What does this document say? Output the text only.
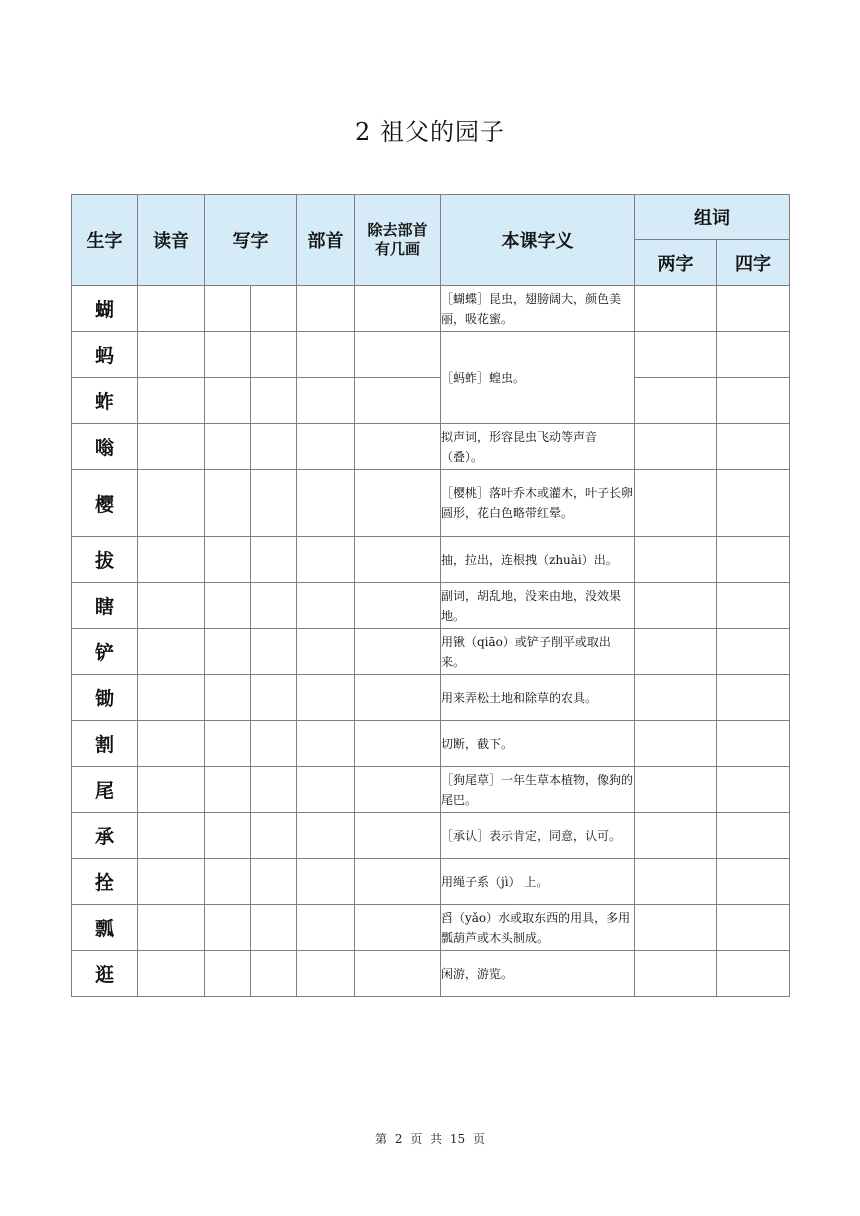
2 祖父的园子
生字	读音	写字		部首	除去部首有几画	本课字义	组词	
							两字	四字
蝴						［蝴蝶］昆虫，翅膀阔大，颜色美丽，吸花蜜。		
蚂						［蚂蚱］蝗虫。		
蚱								
嗡						拟声词，形容昆虫飞动等声音（叠）。		
樱						［樱桃］落叶乔木或灌木，叶子长卵圆形，花白色略带红晕。		
拔						抽，拉出，连根拽（zhuài）出。		
瞎						副词，胡乱地，没来由地，没效果地。		
铲						用锹（qiāo）或铲子削平或取出来。		
锄						用来弄松土地和除草的农具。		
割						切断，截下。		
尾						［狗尾草］一年生草本植物，像狗的尾巴。		
承						［承认］表示肯定，同意，认可。		
拴						用绳子系（jì） 上。		
瓢						舀（yǎo）水或取东西的用具，多用瓢葫芦或木头制成。		
逛						闲游，游览。		
第 2 页 共 15 页
